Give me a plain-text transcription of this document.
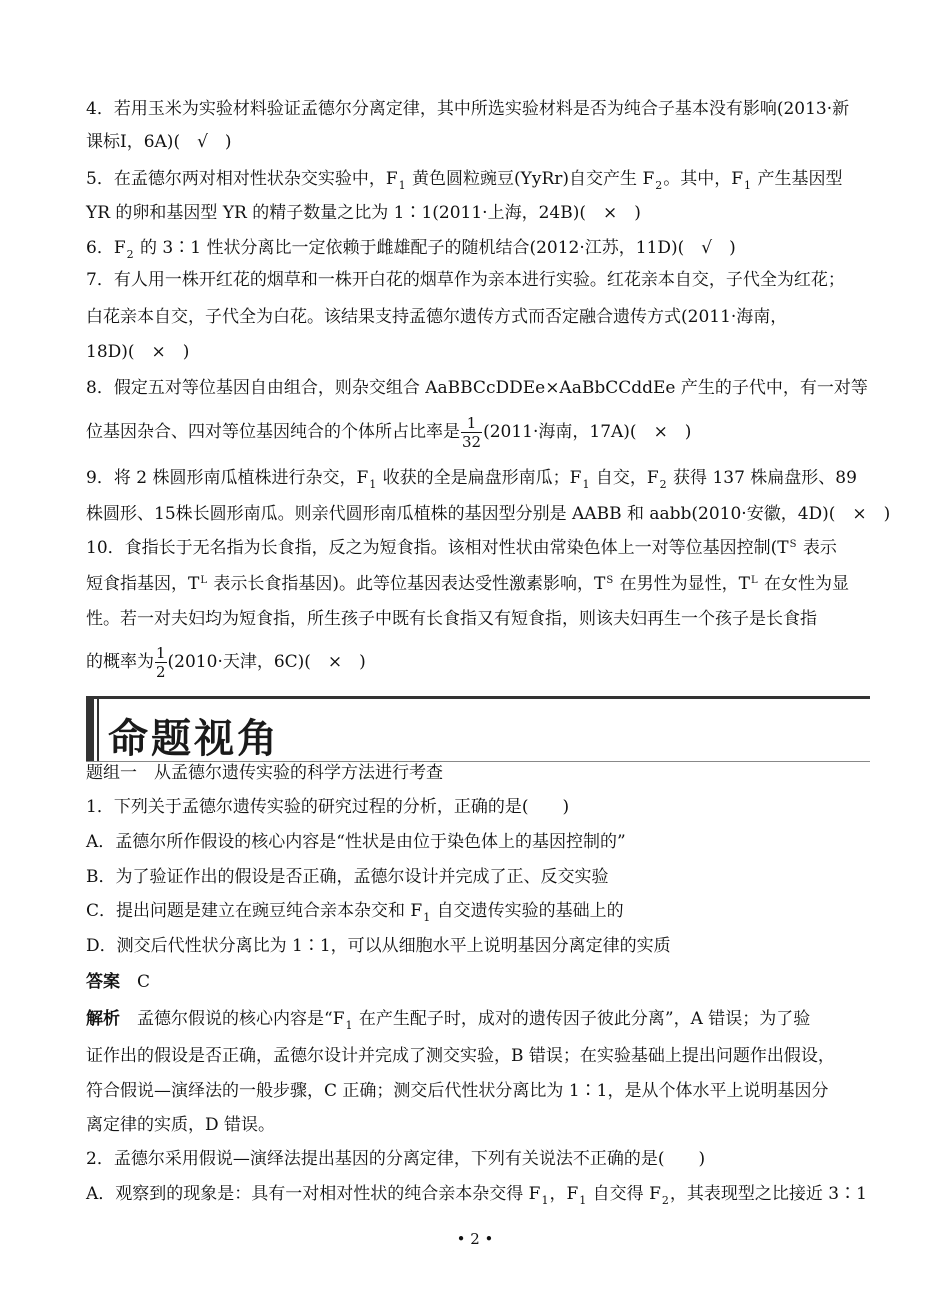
4．若用玉米为实验材料验证孟德尔分离定律，其中所选实验材料是否为纯合子基本没有影响(2013·新
课标Ⅰ，6A)(　√　)
5．在孟德尔两对相对性状杂交实验中，$F_1$ 黄色圆粒豌豆(YyRr)自交产生 $F_2$。其中，$F_1$ 产生基因型
YR 的卵和基因型 YR 的精子数量之比为 1∶1(2011·上海，24B)(　×　)
6．$F_2$ 的 3∶1 性状分离比一定依赖于雌雄配子的随机结合(2012·江苏，11D)(　√　)
7．有人用一株开红花的烟草和一株开白花的烟草作为亲本进行实验。红花亲本自交，子代全为红花；
白花亲本自交，子代全为白花。该结果支持孟德尔遗传方式而否定融合遗传方式(2011·海南，
18D)(　×　)
8．假定五对等位基因自由组合，则杂交组合 AaBBCcDDEe×AaBbCCddEe 产生的子代中，有一对等
位基因杂合、四对等位基因纯合的个体所占比率是 $\frac{1}{32} (2011\cdot$海南，17A)(　×　)
9．将 2 株圆形南瓜植株进行杂交，$F_1$ 收获的全是扁盘形南瓜；$F_1$ 自交，$F_2$ 获得 137 株扁盘形、89
株圆形、15株长圆形南瓜。则亲代圆形南瓜植株的基因型分别是 AABB 和 aabb(2010·安徽，4D)(　×　)
10．食指长于无名指为长食指，反之为短食指。该相对性状由常染色体上一对等位基因控制($T^S$ 表示
短食指基因，$T^L$ 表示长食指基因)。此等位基因表达受性激素影响，$T^S$ 在男性为显性，$T^L$ 在女性为显
性。若一对夫妇均为短食指，所生孩子中既有长食指又有短食指，则该夫妇再生一个孩子是长食指
的概率为 $\frac{1}{2} (2010\cdot$天津，6C)(　×　)
命题视角
题组一　从孟德尔遗传实验的科学方法进行考查
1．下列关于孟德尔遗传实验的研究过程的分析，正确的是(　　)
A．孟德尔所作假设的核心内容是“性状是由位于染色体上的基因控制的”
B．为了验证作出的假设是否正确，孟德尔设计并完成了正、反交实验
C．提出问题是建立在豌豆纯合亲本杂交和 $F_1$ 自交遗传实验的基础上的
D．测交后代性状分离比为 1∶1，可以从细胞水平上说明基因分离定律的实质
答案　 C
解析　 孟德尔假说的核心内容是“$F_1$ 在产生配子时，成对的遗传因子彼此分离”，A 错误；为了验
证作出的假设是否正确，孟德尔设计并完成了测交实验，B 错误；在实验基础上提出问题作出假设，
符合假说—演绎法的一般步骤，C 正确；测交后代性状分离比为 1∶1，是从个体水平上说明基因分
离定律的实质，D 错误。
2．孟德尔采用假说—演绎法提出基因的分离定律，下列有关说法不正确的是(　　)
A．观察到的现象是：具有一对相对性状的纯合亲本杂交得 $F_1$，$F_1$ 自交得 $F_2$，其表现型之比接近 3∶1
• 2 •
